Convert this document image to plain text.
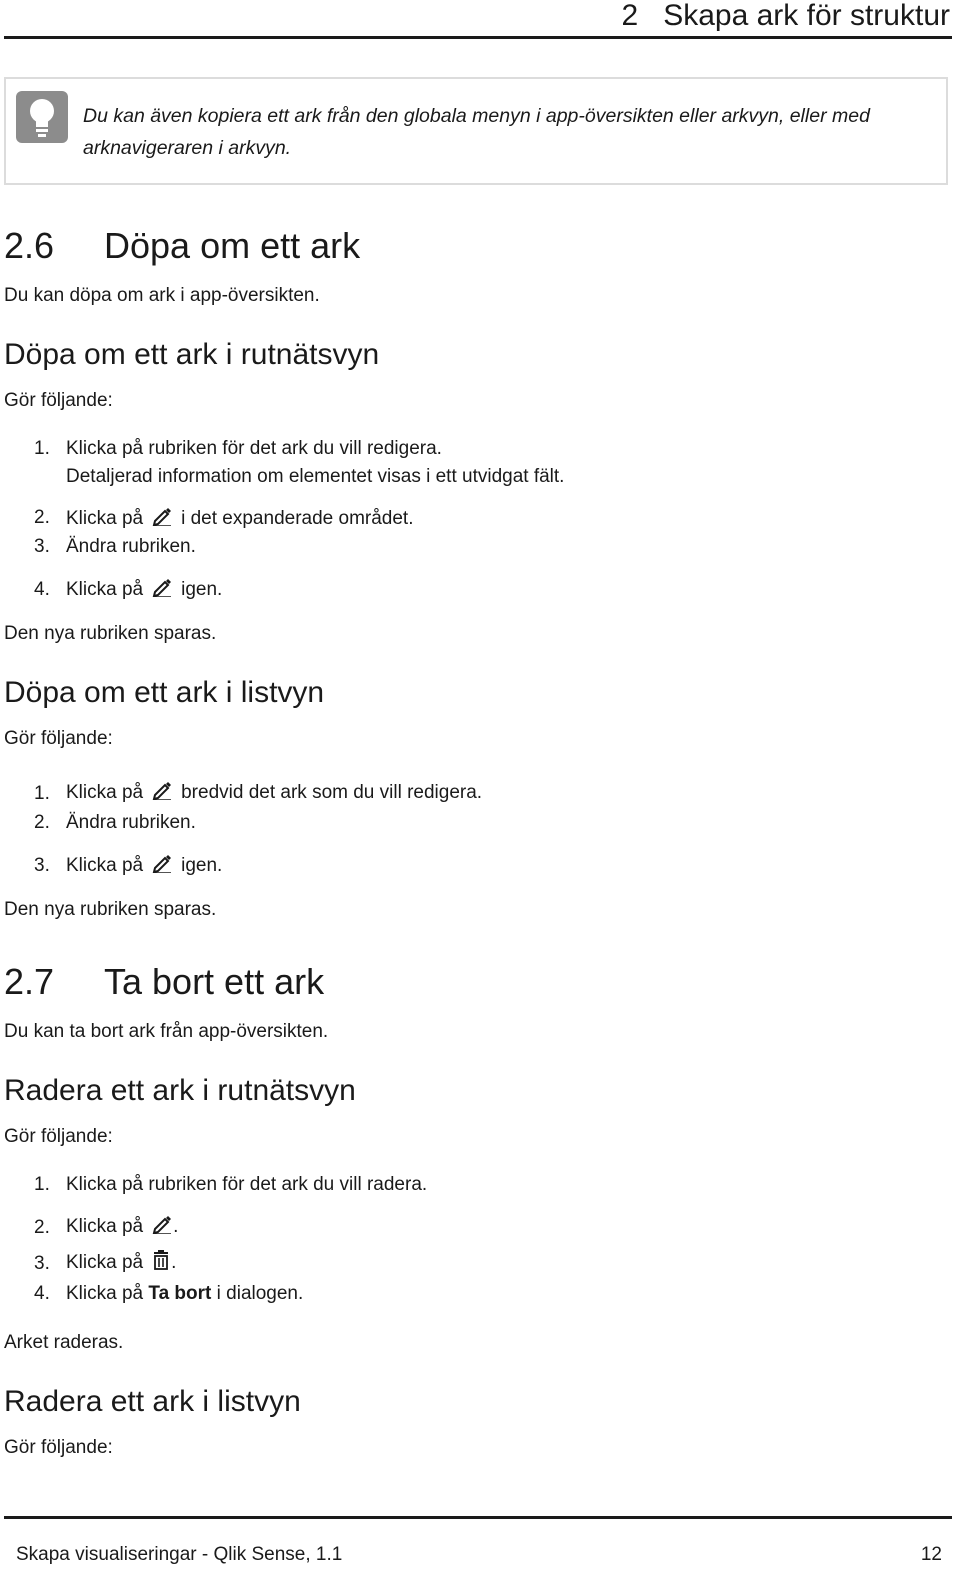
2   Skapa ark för struktur
Du kan även kopiera ett ark från den globala menyn i app-översikten eller arkvyn, eller med arknavigeraren i arkvyn.
2.6 Döpa om ett ark
Du kan döpa om ark i app-översikten.
Döpa om ett ark i rutnätsvyn
Gör följande:
1. Klicka på rubriken för det ark du vill redigera.
Detaljerad information om elementet visas i ett utvidgat fält.
2. Klicka på i det expanderade området.
3. Ändra rubriken.
4. Klicka på igen.
Den nya rubriken sparas.
Döpa om ett ark i listvyn
Gör följande:
1. Klicka på bredvid det ark som du vill redigera.
2. Ändra rubriken.
3. Klicka på igen.
Den nya rubriken sparas.
2.7 Ta bort ett ark
Du kan ta bort ark från app-översikten.
Radera ett ark i rutnätsvyn
Gör följande:
1. Klicka på rubriken för det ark du vill radera.
2. Klicka på .
3. Klicka på .
4. Klicka på Ta bort i dialogen.
Arket raderas.
Radera ett ark i listvyn
Gör följande:
Skapa visualiseringar - Qlik Sense, 1.1	12
